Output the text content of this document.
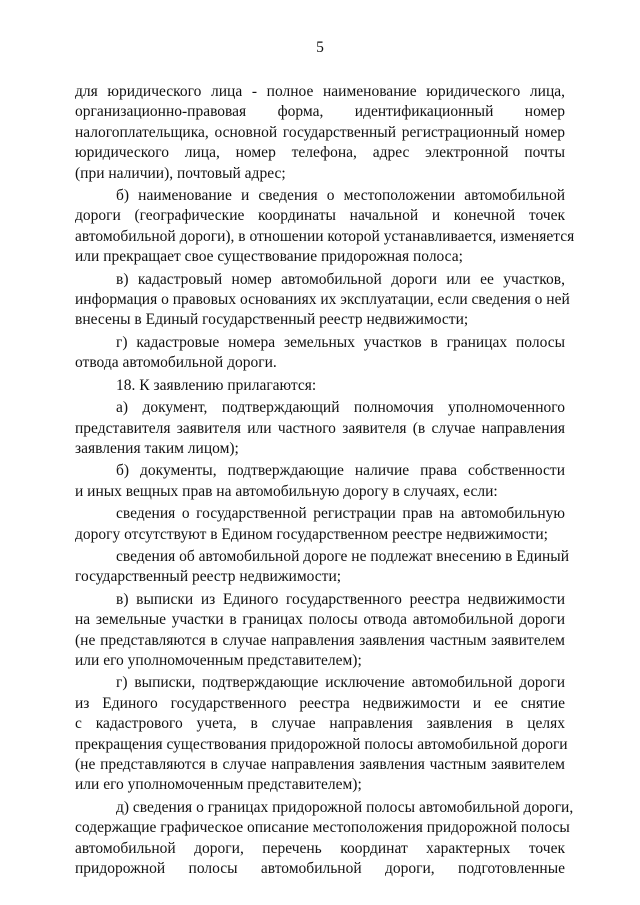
5
для юридического лица - полное наименование юридического лица,
организационно-правовая форма, идентификационный номер
налогоплательщика, основной государственный регистрационный номер
юридического лица, номер телефона, адрес электронной почты
(при наличии), почтовый адрес;
б) наименование и сведения о местоположении автомобильной
дороги (географические координаты начальной и конечной точек
автомобильной дороги), в отношении которой устанавливается, изменяется
или прекращает свое существование придорожная полоса;
в) кадастровый номер автомобильной дороги или ее участков,
информация о правовых основаниях их эксплуатации, если сведения о ней
внесены в Единый государственный реестр недвижимости;
г) кадастровые номера земельных участков в границах полосы
отвода автомобильной дороги.
18. К заявлению прилагаются:
а) документ, подтверждающий полномочия уполномоченного
представителя заявителя или частного заявителя (в случае направления
заявления таким лицом);
б) документы, подтверждающие наличие права собственности
и иных вещных прав на автомобильную дорогу в случаях, если:
сведения о государственной регистрации прав на автомобильную
дорогу отсутствуют в Едином государственном реестре недвижимости;
сведения об автомобильной дороге не подлежат внесению в Единый
государственный реестр недвижимости;
в) выписки из Единого государственного реестра недвижимости
на земельные участки в границах полосы отвода автомобильной дороги
(не представляются в случае направления заявления частным заявителем
или его уполномоченным представителем);
г) выписки, подтверждающие исключение автомобильной дороги
из Единого государственного реестра недвижимости и ее снятие
с кадастрового учета, в случае направления заявления в целях
прекращения существования придорожной полосы автомобильной дороги
(не представляются в случае направления заявления частным заявителем
или его уполномоченным представителем);
д) сведения о границах придорожной полосы автомобильной дороги,
содержащие графическое описание местоположения придорожной полосы
автомобильной дороги, перечень координат характерных точек
придорожной полосы автомобильной дороги, подготовленные
